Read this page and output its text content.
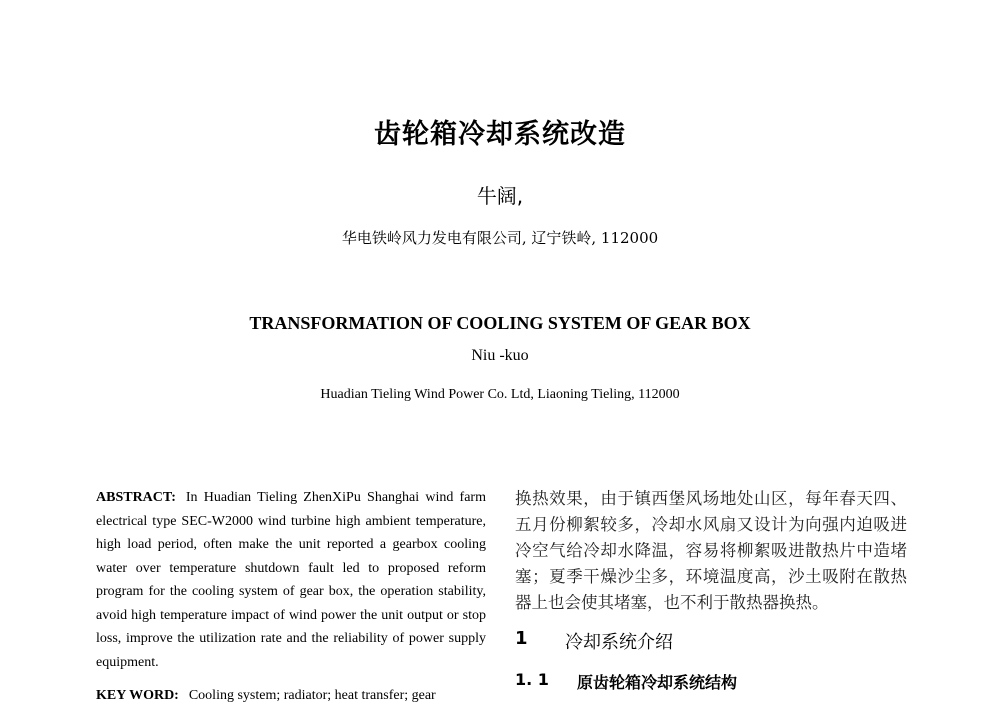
齿轮箱冷却系统改造
牛阔,
华电铁岭风力发电有限公司, 辽宁铁岭, 112000
TRANSFORMATION OF COOLING SYSTEM OF GEAR BOX
Niu -kuo
Huadian Tieling Wind Power Co. Ltd, Liaoning Tieling, 112000

ABSTRACT: In Huadian Tieling ZhenXiPu Shanghai wind farm electrical type SEC-W2000 wind turbine high ambient temperature, high load period, often make the unit reported a gearbox cooling water over temperature shutdown fault led to proposed reform program for the cooling system of gear box, the operation stability, avoid high temperature impact of wind power the unit output or stop loss, improve the utilization rate and the reliability of power supply equipment.

KEY WORD: Cooling system; radiator; heat transfer; gear

换热效果，由于镇西堡风场地处山区，每年春天四、五月份柳絮较多，冷却水风扇又设计为向强内迫吸进冷空气给冷却水降温，容易将柳絮吸进散热片中造堵塞；夏季干燥沙尘多，环境温度高，沙土吸附在散热器上也会使其堵塞，也不利于散热器换热。

1	冷却系统介绍
1. 1	原齿轮箱冷却系统结构
